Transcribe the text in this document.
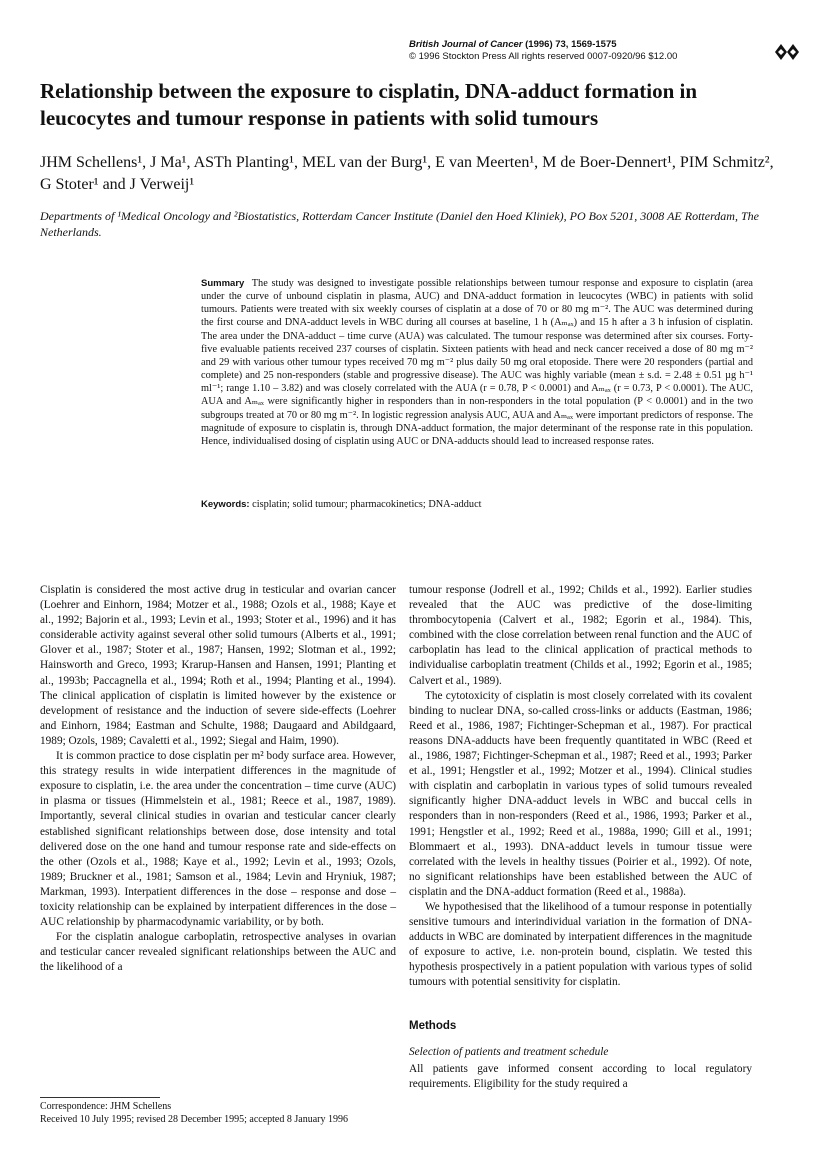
British Journal of Cancer (1996) 73, 1569-1575
© 1996 Stockton Press All rights reserved 0007-0920/96 $12.00
Relationship between the exposure to cisplatin, DNA-adduct formation in leucocytes and tumour response in patients with solid tumours
JHM Schellens¹, J Ma¹, ASTh Planting¹, MEL van der Burg¹, E van Meerten¹, M de Boer-Dennert¹, PIM Schmitz², G Stoter¹ and J Verweij¹
Departments of ¹Medical Oncology and ²Biostatistics, Rotterdam Cancer Institute (Daniel den Hoed Kliniek), PO Box 5201, 3008 AE Rotterdam, The Netherlands.
Summary The study was designed to investigate possible relationships between tumour response and exposure to cisplatin (area under the curve of unbound cisplatin in plasma, AUC) and DNA-adduct formation in leucocytes (WBC) in patients with solid tumours. Patients were treated with six weekly courses of cisplatin at a dose of 70 or 80 mg m⁻². The AUC was determined during the first course and DNA-adduct levels in WBC during all courses at baseline, 1 h (Aₘₐₓ) and 15 h after a 3 h infusion of cisplatin. The area under the DNA-adduct – time curve (AUA) was calculated. The tumour response was determined after six courses. Forty-five evaluable patients received 237 courses of cisplatin. Sixteen patients with head and neck cancer received a dose of 80 mg m⁻² and 29 with various other tumour types received 70 mg m⁻² plus daily 50 mg oral etoposide. There were 20 responders (partial and complete) and 25 non-responders (stable and progressive disease). The AUC was highly variable (mean ± s.d. = 2.48 ± 0.51 µg h⁻¹ ml⁻¹; range 1.10 – 3.82) and was closely correlated with the AUA (r = 0.78, P < 0.0001) and Aₘₐₓ (r = 0.73, P < 0.0001). The AUC, AUA and Aₘₐₓ were significantly higher in responders than in non-responders in the total population (P < 0.0001) and in the two subgroups treated at 70 or 80 mg m⁻². In logistic regression analysis AUC, AUA and Aₘₐₓ were important predictors of response. The magnitude of exposure to cisplatin is, through DNA-adduct formation, the major determinant of the response rate in this population. Hence, individualised dosing of cisplatin using AUC or DNA-adducts should lead to increased response rates.
Keywords: cisplatin; solid tumour; pharmacokinetics; DNA-adduct

Cisplatin is considered the most active drug in testicular and ovarian cancer (Loehrer and Einhorn, 1984; Motzer et al., 1988; Ozols et al., 1988; Kaye et al., 1992; Bajorin et al., 1993; Levin et al., 1993; Stoter et al., 1996) and it has considerable activity against several other solid tumours (Alberts et al., 1991; Glover et al., 1987; Stoter et al., 1987; Hansen, 1992; Slotman et al., 1992; Hainsworth and Greco, 1993; Krarup-Hansen and Hansen, 1991; Planting et al., 1993b; Paccagnella et al., 1994; Roth et al., 1994; Planting et al., 1994). The clinical application of cisplatin is limited however by the existence or development of resistance and the induction of severe side-effects (Loehrer and Einhorn, 1984; Eastman and Schulte, 1988; Daugaard and Abildgaard, 1989; Ozols, 1989; Cavaletti et al., 1992; Siegal and Haim, 1990).

It is common practice to dose cisplatin per m² body surface area. However, this strategy results in wide interpatient differences in the magnitude of exposure to cisplatin, i.e. the area under the concentration – time curve (AUC) in plasma or tissues (Himmelstein et al., 1981; Reece et al., 1987, 1989). Importantly, several clinical studies in ovarian and testicular cancer clearly established significant relationships between dose, dose intensity and total delivered dose on the one hand and tumour response rate and side-effects on the other (Ozols et al., 1988; Kaye et al., 1992; Levin et al., 1993; Ozols, 1989; Bruckner et al., 1981; Samson et al., 1984; Levin and Hryniuk, 1987; Markman, 1993). Interpatient differences in the dose – response and dose – toxicity relationship can be explained by interpatient differences in the dose – AUC relationship by pharmacodynamic variability, or by both.

For the cisplatin analogue carboplatin, retrospective analyses in ovarian and testicular cancer revealed significant relationships between the AUC and the likelihood of a

tumour response (Jodrell et al., 1992; Childs et al., 1992). Earlier studies revealed that the AUC was predictive of the dose-limiting thrombocytopenia (Calvert et al., 1982; Egorin et al., 1984). This, combined with the close correlation between renal function and the AUC of carboplatin has lead to the clinical application of practical methods to individualise carboplatin treatment (Childs et al., 1992; Egorin et al., 1985; Calvert et al., 1989).

The cytotoxicity of cisplatin is most closely correlated with its covalent binding to nuclear DNA, so-called cross-links or adducts (Eastman, 1986; Reed et al., 1986, 1987; Fichtinger-Schepman et al., 1987). For practical reasons DNA-adducts have been frequently quantitated in WBC (Reed et al., 1986, 1987; Fichtinger-Schepman et al., 1987; Reed et al., 1993; Parker et al., 1991; Hengstler et al., 1992; Motzer et al., 1994). Clinical studies with cisplatin and carboplatin in various types of solid tumours revealed significantly higher DNA-adduct levels in WBC and buccal cells in responders than in non-responders (Reed et al., 1986, 1993; Parker et al., 1991; Hengstler et al., 1992; Reed et al., 1988a, 1990; Gill et al., 1991; Blommaert et al., 1993). DNA-adduct levels in tumour tissue were correlated with the levels in healthy tissues (Poirier et al., 1992). Of note, no significant relationships have been established between the AUC of cisplatin and the DNA-adduct formation (Reed et al., 1988a).

We hypothesised that the likelihood of a tumour response in potentially sensitive tumours and interindividual variation in the formation of DNA-adducts in WBC are dominated by interpatient differences in the magnitude of exposure to active, i.e. non-protein bound, cisplatin. We tested this hypothesis prospectively in a patient population with various types of solid tumours with potential sensitivity for cisplatin.

Methods
Selection of patients and treatment schedule

All patients gave informed consent according to local regulatory requirements. Eligibility for the study required a

Correspondence: JHM Schellens
Received 10 July 1995; revised 28 December 1995; accepted 8 January 1996
